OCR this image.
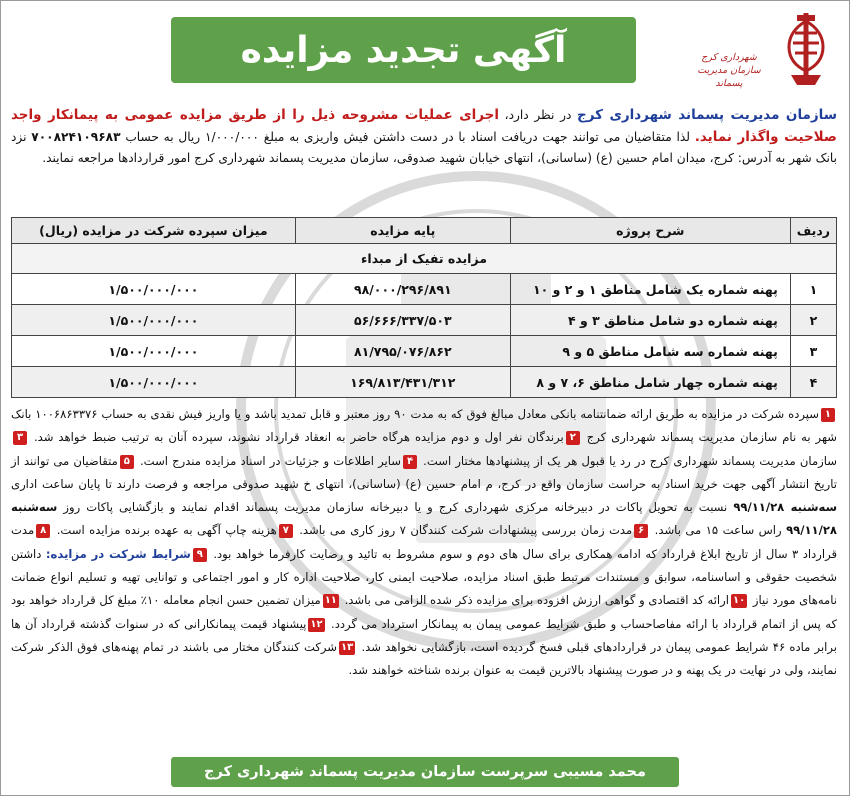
آگهی تجدید مزایده	شهرداری کرج
سازمان مدیریت پسماند
سازمان مدیریت پسماند شهرداری کرج در نظر دارد، اجرای عملیات مشروحه ذیل را از طریق مزایده عمومی به پیمانکار واجد صلاحیت واگذار نماید. لذا متقاضیان می توانند جهت دریافت اسناد با در دست داشتن فیش واریزی به مبلغ ۱/۰۰۰/۰۰۰ ریال به حساب ۷۰۰۸۲۴۱۰۹۶۸۳ نزد بانک شهر به آدرس: کرج، میدان امام حسین (ع) (ساسانی)، انتهای خیابان شهید صدوقی، سازمان مدیریت پسماند شهرداری کرج امور قراردادها مراجعه نمایند.
ردیف	شرح پروژه	پایه مزایده	میزان سپرده شرکت در مزایده (ریال)
مزایده تفیک از مبداء			
۱	پهنه شماره یک شامل مناطق ۱ و ۲ و ۱۰	۹۸/۰۰۰/۲۹۶/۸۹۱	۱/۵۰۰/۰۰۰/۰۰۰
۲	پهنه شماره دو شامل مناطق ۳ و ۴	۵۶/۶۶۶/۳۳۷/۵۰۳	۱/۵۰۰/۰۰۰/۰۰۰
۳	پهنه شماره سه شامل مناطق ۵ و ۹	۸۱/۷۹۵/۰۷۶/۸۶۲	۱/۵۰۰/۰۰۰/۰۰۰
۴	پهنه شماره چهار شامل مناطق ۶، ۷ و ۸	۱۶۹/۸۱۳/۴۳۱/۳۱۲	۱/۵۰۰/۰۰۰/۰۰۰
۱سپرده شرکت در مزایده به طریق ارائه ضمانتنامه بانکی معادل مبالغ فوق که به مدت ۹۰ روز معتبر و قابل تمدید باشد و یا واریز فیش نقدی به حساب ۱۰۰۶۸۶۳۳۷۶ بانک شهر به نام سازمان مدیریت پسماند شهرداری کرج ۲برندگان نفر اول و دوم مزایده هرگاه حاضر به انعقاد قرارداد نشوند، سپرده آنان به ترتیب ضبط خواهد شد. ۳سازمان مدیریت پسماند شهرداری کرج در رد یا قبول هر یک از پیشنهادها مختار است. ۴سایر اطلاعات و جزئیات در اسناد مزایده مندرج است. ۵متقاضیان می توانند از تاریخ انتشار آگهی جهت خرید اسناد به حراست سازمان واقع در کرج، م امام حسین (ع) (ساسانی)، انتهای خ شهید صدوقی مراجعه و فرصت دارند تا پایان ساعت اداری سه‌شنبه ۹۹/۱۱/۲۸ نسبت به تحویل پاکات در دبیرخانه مرکزی شهرداری کرج و یا دبیرخانه سازمان مدیریت پسماند اقدام نمایند و بازگشایی پاکات روز سه‌شنبه ۹۹/۱۱/۲۸ راس ساعت ۱۵ می باشد. ۶مدت زمان بررسی پیشنهادات شرکت کنندگان ۷ روز کاری می باشد. ۷هزینه چاپ آگهی به عهده برنده مزایده است. ۸مدت قرارداد ۳ سال از تاریخ ابلاغ قرارداد که ادامه همکاری برای سال های دوم و سوم مشروط به تائید و رضایت کارفرما خواهد بود. ۹شرایط شرکت در مزایده: داشتن شخصیت حقوقی و اساسنامه، سوابق و مستندات مرتبط طبق اسناد مزایده، صلاحیت ایمنی کار، صلاحیت اداره کار و امور اجتماعی و توانایی تهیه و تسلیم انواع ضمانت نامه‌های مورد نیاز ۱۰ارائه کد اقتصادی و گواهی ارزش افزوده برای مزایده ذکر شده الزامی می باشد. ۱۱میزان تضمین حسن انجام معامله ۱۰٪ مبلغ کل قرارداد خواهد بود که پس از اتمام قرارداد با ارائه مفاصاحساب و طبق شرایط عمومی پیمان به پیمانکار استرداد می گردد. ۱۲پیشنهاد قیمت پیمانکارانی که در سنوات گذشته قرارداد آن ها برابر ماده ۴۶ شرایط عمومی پیمان در قراردادهای قبلی فسخ گردیده است، بازگشایی نخواهد شد. ۱۳شرکت کنندگان مختار می باشند در تمام پهنه‌های فوق الذکر شرکت نمایند، ولی در نهایت در یک پهنه و در صورت پیشنهاد بالاترین قیمت به عنوان برنده شناخته خواهند شد.
محمد مسیبی سرپرست سازمان مدیریت پسماند شهرداری کرج
